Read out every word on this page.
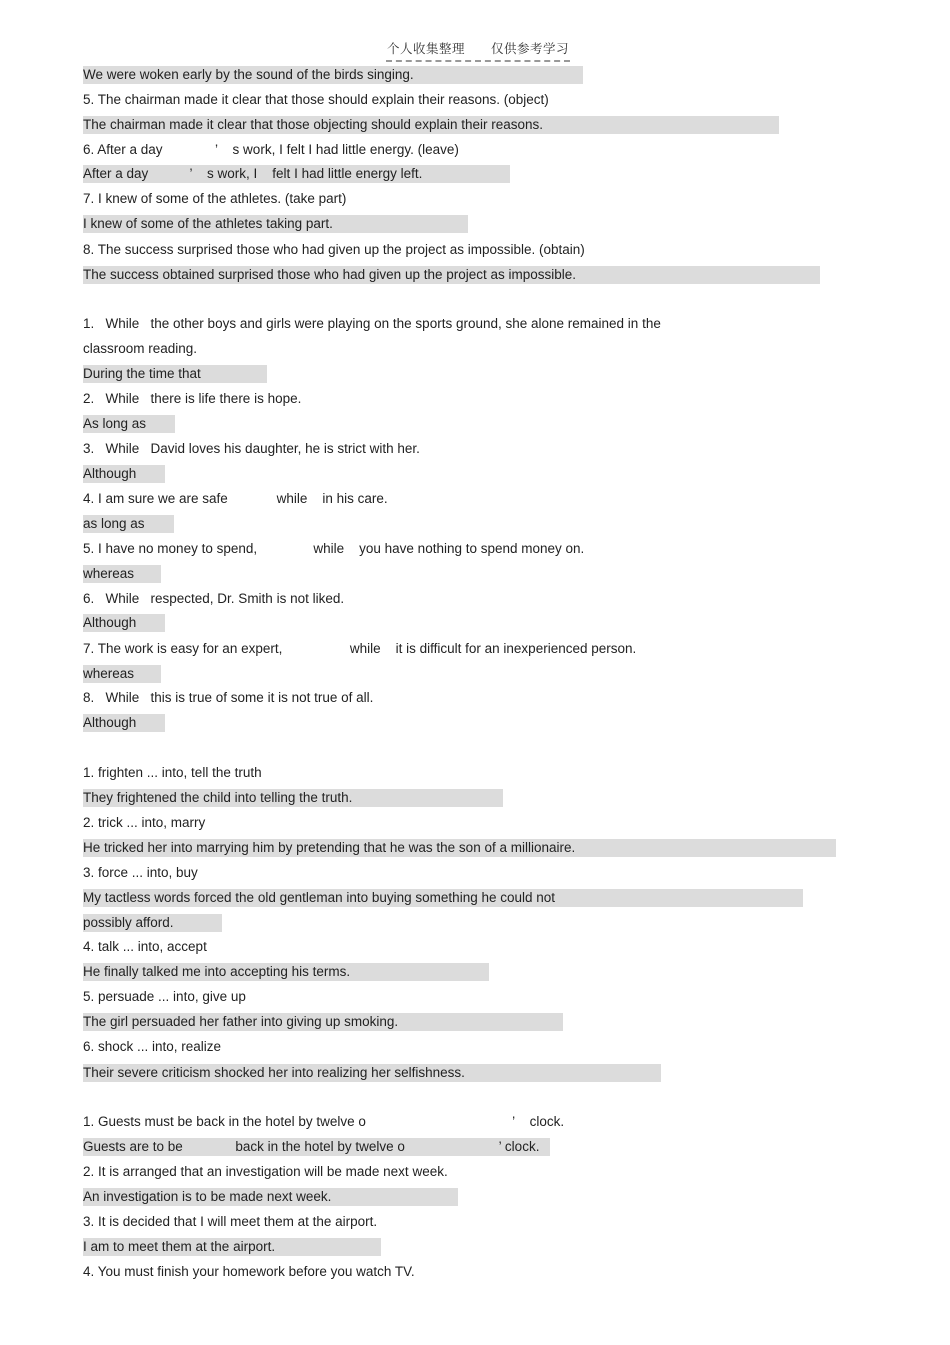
个人收集整理　　仅供参考学习
We were woken early by the sound of the birds singing.
5. The chairman made it clear that those should explain their reasons. (object)
The chairman made it clear that those objecting should explain their reasons.
6. After a day              ’    s work, I felt I had little energy. (leave)
After a day           ’    s work, I    felt I had little energy left.
7. I knew of some of the athletes. (take part)
I knew of some of the athletes taking part.
8. The success surprised those who had given up the project as impossible. (obtain)
The success obtained surprised those who had given up the project as impossible.
1.   While   the other boys and girls were playing on the sports ground, she alone remained in the
classroom reading.
During the time that
2.   While   there is life there is hope.
As long as
3.   While   David loves his daughter, he is strict with her.
Although
4. I am sure we are safe             while    in his care.
as long as
5. I have no money to spend,               while    you have nothing to spend money on.
whereas
6.   While   respected, Dr. Smith is not liked.
Although
7. The work is easy for an expert,                  while    it is difficult for an inexperienced person.
whereas
8.   While   this is true of some it is not true of all.
Although
1. frighten ... into, tell the truth
They frightened the child into telling the truth.
2. trick ... into, marry
He tricked her into marrying him by pretending that he was the son of a millionaire.
3. force ... into, buy
My tactless words forced the old gentleman into buying something he could not
possibly afford.
4. talk ... into, accept
He finally talked me into accepting his terms.
5. persuade ... into, give up
The girl persuaded her father into giving up smoking.
6. shock ... into, realize
Their severe criticism shocked her into realizing her selfishness.
1. Guests must be back in the hotel by twelve o                                       ’    clock.
Guests are to be              back in the hotel by twelve o                         ’ clock.
2. It is arranged that an investigation will be made next week.
An investigation is to be made next week.
3. It is decided that I will meet them at the airport.
I am to meet them at the airport.
4. You must finish your homework before you watch TV.
